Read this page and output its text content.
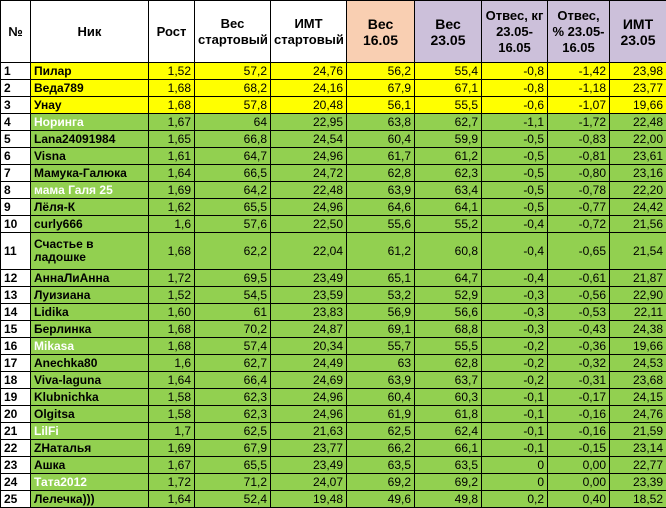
№	Ник	Рост	Вес стартовый	ИМТ стартовый	Вес 16.05	Вес 23.05	Отвес, кг 23.05-16.05	Отвес, % 23.05-16.05	ИМТ 23.05
1	Пилар	1,52	57,2	24,76	56,2	55,4	-0,8	-1,42	23,98
2	Веда789	1,68	68,2	24,16	67,9	67,1	-0,8	-1,18	23,77
3	Унау	1,68	57,8	20,48	56,1	55,5	-0,6	-1,07	19,66
4	Норинга	1,67	64	22,95	63,8	62,7	-1,1	-1,72	22,48
5	Lana24091984	1,65	66,8	24,54	60,4	59,9	-0,5	-0,83	22,00
6	Visna	1,61	64,7	24,96	61,7	61,2	-0,5	-0,81	23,61
7	Мамука-Галюка	1,64	66,5	24,72	62,8	62,3	-0,5	-0,80	23,16
8	мама Галя 25	1,69	64,2	22,48	63,9	63,4	-0,5	-0,78	22,20
9	Лёля-К	1,62	65,5	24,96	64,6	64,1	-0,5	-0,77	24,42
10	curly666	1,6	57,6	22,50	55,6	55,2	-0,4	-0,72	21,56
11	Счастье в ладошке	1,68	62,2	22,04	61,2	60,8	-0,4	-0,65	21,54
12	АннаЛиАнна	1,72	69,5	23,49	65,1	64,7	-0,4	-0,61	21,87
13	Луизиана	1,52	54,5	23,59	53,2	52,9	-0,3	-0,56	22,90
14	Lidika	1,60	61	23,83	56,9	56,6	-0,3	-0,53	22,11
15	Берлинка	1,68	70,2	24,87	69,1	68,8	-0,3	-0,43	24,38
16	Mikasa	1,68	57,4	20,34	55,7	55,5	-0,2	-0,36	19,66
17	Anechka80	1,6	62,7	24,49	63	62,8	-0,2	-0,32	24,53
18	Viva-laguna	1,64	66,4	24,69	63,9	63,7	-0,2	-0,31	23,68
19	Klubnichka	1,58	62,3	24,96	60,4	60,3	-0,1	-0,17	24,15
20	Olgitsa	1,58	62,3	24,96	61,9	61,8	-0,1	-0,16	24,76
21	LilFi	1,7	62,5	21,63	62,5	62,4	-0,1	-0,16	21,59
22	ZНаталья	1,69	67,9	23,77	66,2	66,1	-0,1	-0,15	23,14
23	Ашка	1,67	65,5	23,49	63,5	63,5	0	0,00	22,77
24	Тата2012	1,72	71,2	24,07	69,2	69,2	0	0,00	23,39
25	Лелечка)))	1,64	52,4	19,48	49,6	49,8	0,2	0,40	18,52
